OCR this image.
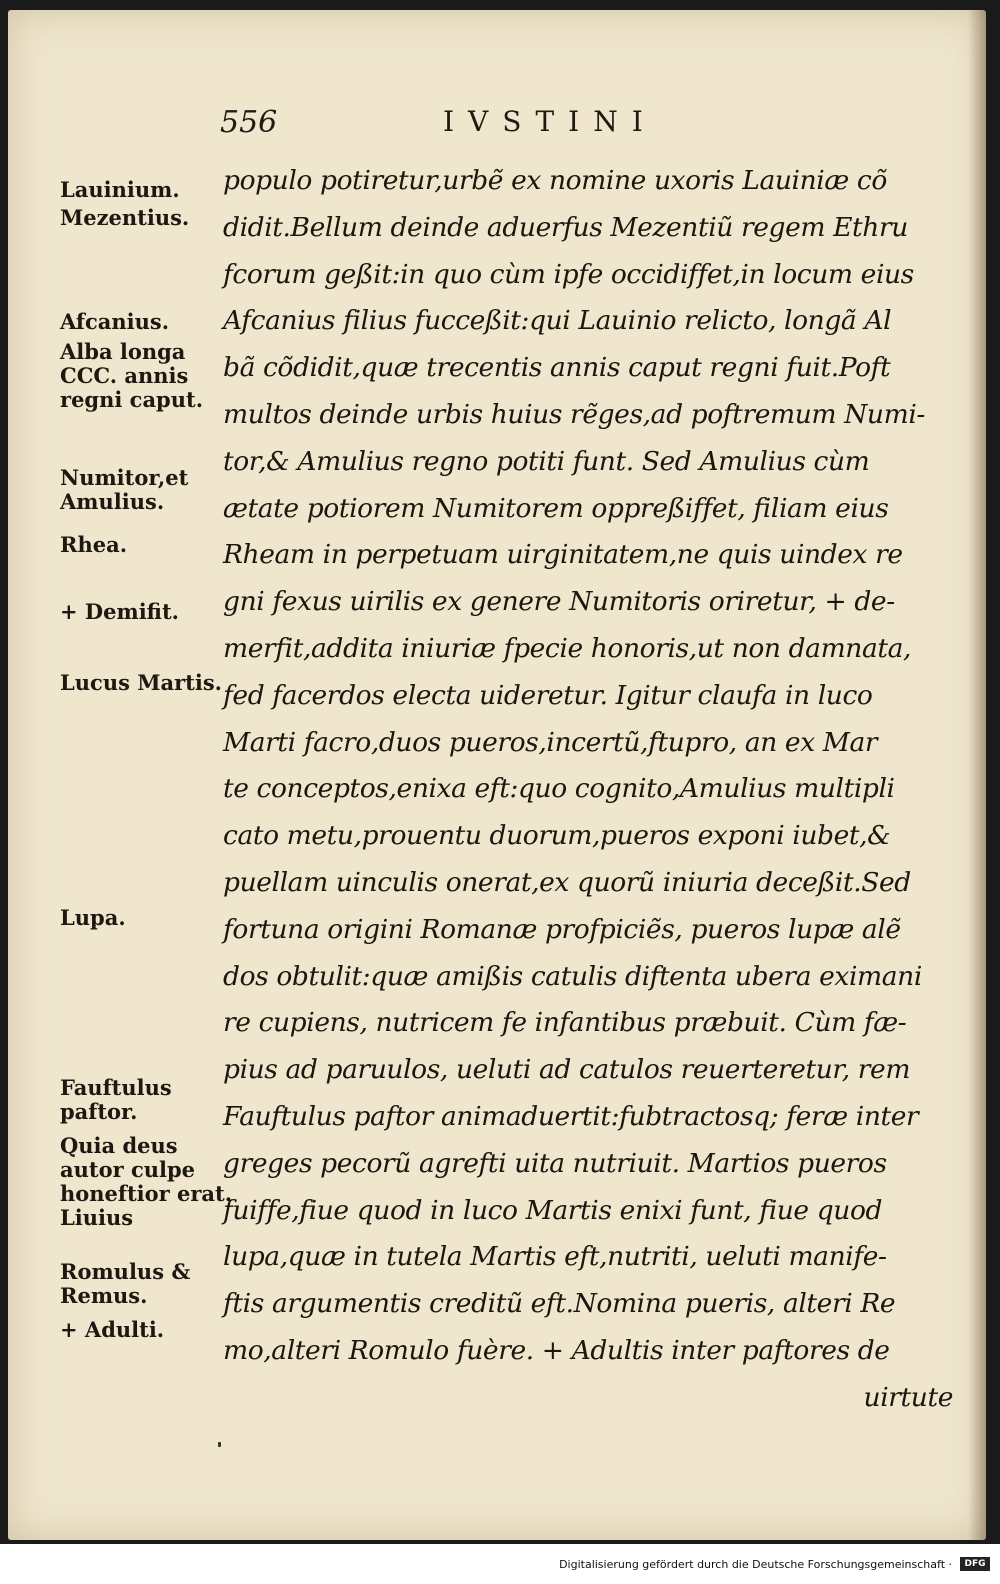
556	IVSTINI
Lauinium.
Mezentius.
Afcanius.
Alba longa CCC. annis regni caput.
Numitor,et Amulius.
Rhea.
+ Demifit.
Lucus Martis.
Lupa.
Fauftulus paftor.
Quia deus autor culpe honeftior erat. Liuius
Romulus & Remus.
+ Adulti.
populo potiretur,urbẽ ex nomine uxoris Lauiniæ cõ
didit.Bellum deinde aduerfus Mezentiũ regem Ethru
fcorum geßit:in quo cùm ipfe occidiffet,in locum eius
Afcanius filius fucceßit:qui Lauinio relicto, longã Al
bã cõdidit,quæ trecentis annis caput regni fuit.Poft
multos deinde urbis huius rẽges,ad poftremum Numi-
tor,& Amulius regno potiti funt. Sed Amulius cùm
ætate potiorem Numitorem oppreßiffet, filiam eius
Rheam in perpetuam uirginitatem,ne quis uindex re
gni fexus uirilis ex genere Numitoris oriretur, + de-
merfit,addita iniuriæ fpecie honoris,ut non damnata,
fed facerdos electa uideretur. Igitur claufa in luco
Marti facro,duos pueros,incertũ,ftupro, an ex Mar
te conceptos,enixa eft:quo cognito,Amulius multipli
cato metu,prouentu duorum,pueros exponi iubet,&
puellam uinculis onerat,ex quorũ iniuria deceßit.Sed
fortuna origini Romanæ profpiciẽs, pueros lupæ alẽ
dos obtulit:quæ amißis catulis diftenta ubera eximani
re cupiens, nutricem fe infantibus præbuit. Cùm fæ-
pius ad paruulos, ueluti ad catulos reuerteretur, rem
Fauftulus paftor animaduertit:fubtractosq; feræ inter
greges pecorũ agrefti uita nutriuit. Martios pueros
fuiffe,fiue quod in luco Martis enixi funt, fiue quod
lupa,quæ in tutela Martis eft,nutriti, ueluti manife-
ftis argumentis creditũ eft.Nomina pueris, alteri Re
mo,alteri Romulo fuère. + Adultis inter paftores de
uirtute
Digitalisierung gefördert durch die Deutsche Forschungsgemeinschaft ·	DFG
